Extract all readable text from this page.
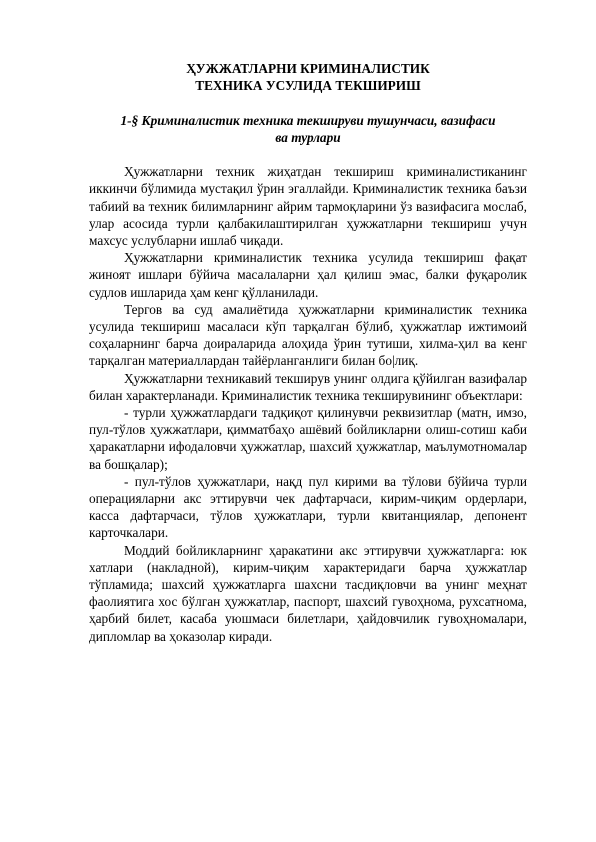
ҲУЖЖАТЛАРНИ КРИМИНАЛИСТИК

ТЕХНИКА УСУЛИДА ТЕКШИРИШ

1-§ Криминалистик техника текшируви тушунчаси, вазифаси

ва турлари

Ҳужжатларни техник жиҳатдан текшириш криминалистиканинг иккинчи бўлимида мустақил ўрин эгаллайди. Криминалистик техника баъзи табиий ва техник билимларнинг айрим тармоқларини ўз вазифасига мослаб, улар асосида турли қалбакилаштирилган ҳужжатларни текшириш учун махсус услубларни ишлаб чиқади.

Ҳужжатларни криминалистик техника усулида текшириш фақат жиноят ишлари бўйича масалаларни ҳал қилиш эмас, балки фуқаролик судлов ишларида ҳам кенг қўлланилади.

Тергов ва суд амалиётида ҳужжатларни криминалистик техника усулида текшириш масаласи кўп тарқалган бўлиб, ҳужжатлар ижтимоий соҳаларнинг барча доираларида алоҳида ўрин тутиши, хилма-ҳил ва кенг тарқалган материаллардан тайёрланганлиги билан бо|лиқ.

Ҳужжатларни техникавий текширув унинг олдига қўйилган вазифалар билан характерланади. Криминалистик техника текширувининг объектлари:

- турли ҳужжатлардаги тадқиқот қилинувчи реквизитлар (матн, имзо, пул-тўлов ҳужжатлари, қимматбаҳо ашёвий бойликларни олиш-сотиш каби ҳаракатларни ифодаловчи ҳужжатлар, шахсий ҳужжатлар, маълумотномалар ва бошқалар);

- пул-тўлов ҳужжатлари, нақд пул кирими ва тўлови бўйича турли операцияларни акс эттирувчи чек дафтарчаси, кирим-чиқим ордерлари, касса дафтарчаси, тўлов ҳужжатлари, турли квитанциялар, депонент карточкалари.

Моддий бойликларнинг ҳаракатини акс эттирувчи ҳужжатларга: юк хатлари (накладной), кирим-чиқим характеридаги барча ҳужжатлар тўпламида; шахсий ҳужжатларга шахсни тасдиқловчи ва унинг меҳнат фаолиятига хос бўлган ҳужжатлар, паспорт, шахсий гувоҳнома, рухсатнома, ҳарбий билет, касаба уюшмаси билетлари, ҳайдовчилик гувоҳномалари, дипломлар ва ҳоказолар киради.
